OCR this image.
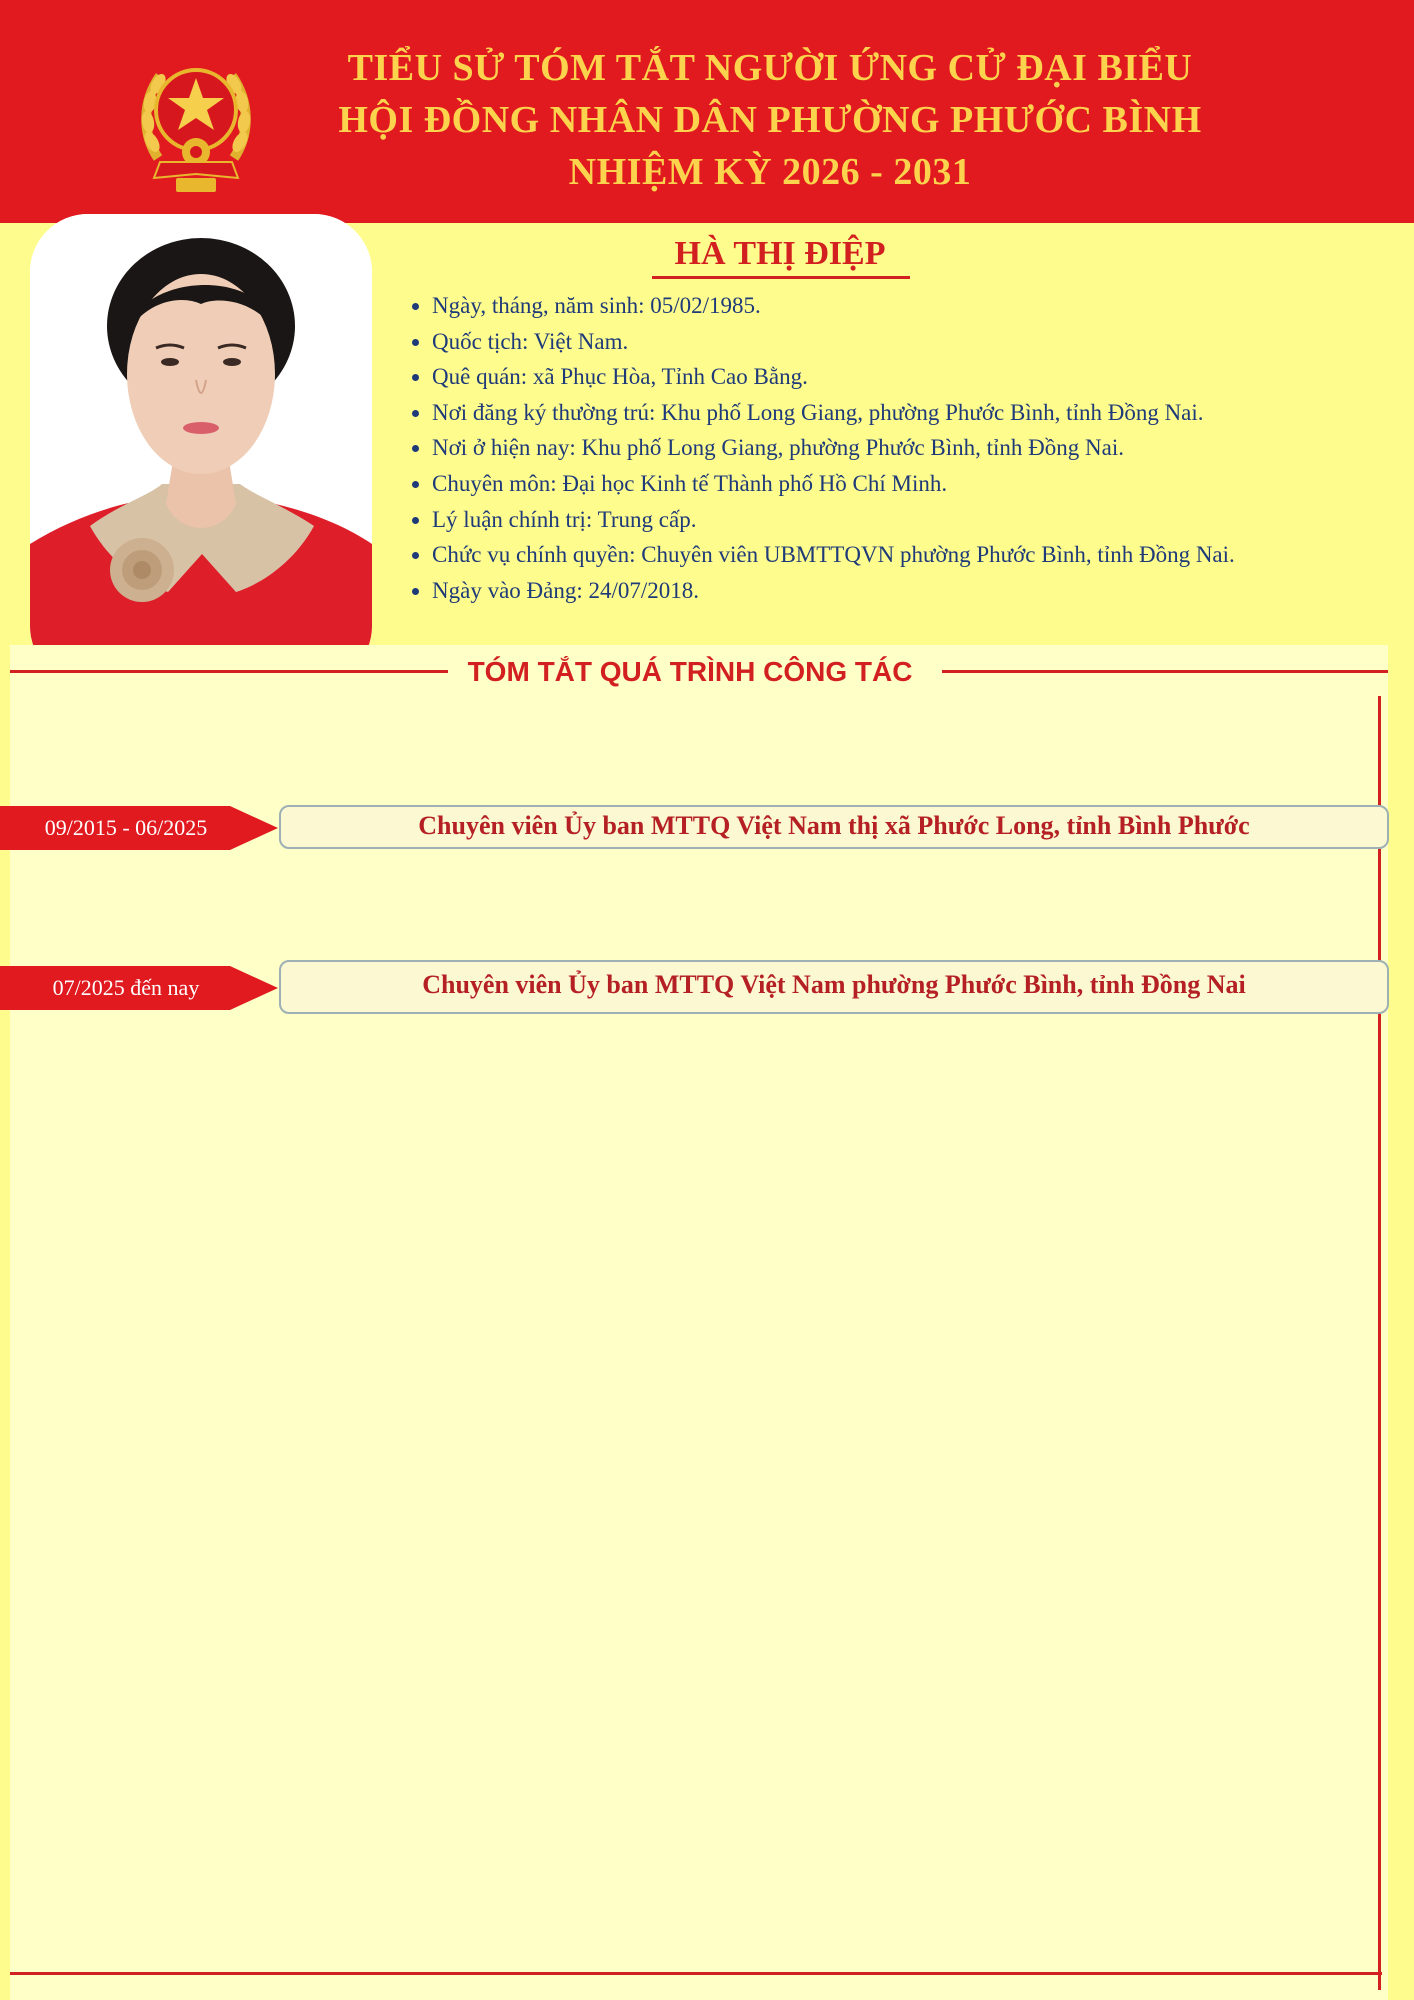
TIỂU SỬ TÓM TẮT NGƯỜI ỨNG CỬ ĐẠI BIỂU
HỘI ĐỒNG NHÂN DÂN PHƯỜNG PHƯỚC BÌNH
NHIỆM KỲ 2026 - 2031
HÀ THỊ ĐIỆP
• Ngày, tháng, năm sinh: 05/02/1985.
• Quốc tịch: Việt Nam.
• Quê quán: xã Phục Hòa, Tỉnh Cao Bằng.
• Nơi đăng ký thường trú: Khu phố Long Giang, phường Phước Bình, tỉnh Đồng Nai.
• Nơi ở hiện nay: Khu phố Long Giang, phường Phước Bình, tỉnh Đồng Nai.
• Chuyên môn: Đại học Kinh tế Thành phố Hồ Chí Minh.
• Lý luận chính trị: Trung cấp.
• Chức vụ chính quyền: Chuyên viên UBMTTQVN phường Phước Bình, tỉnh Đồng Nai.
• Ngày vào Đảng: 24/07/2018.
TÓM TẮT QUÁ TRÌNH CÔNG TÁC
09/2015 - 06/2025	Chuyên viên Ủy ban MTTQ Việt Nam thị xã Phước Long, tỉnh Bình Phước
07/2025 đến nay	Chuyên viên Ủy ban MTTQ Việt Nam phường Phước Bình, tỉnh Đồng Nai
